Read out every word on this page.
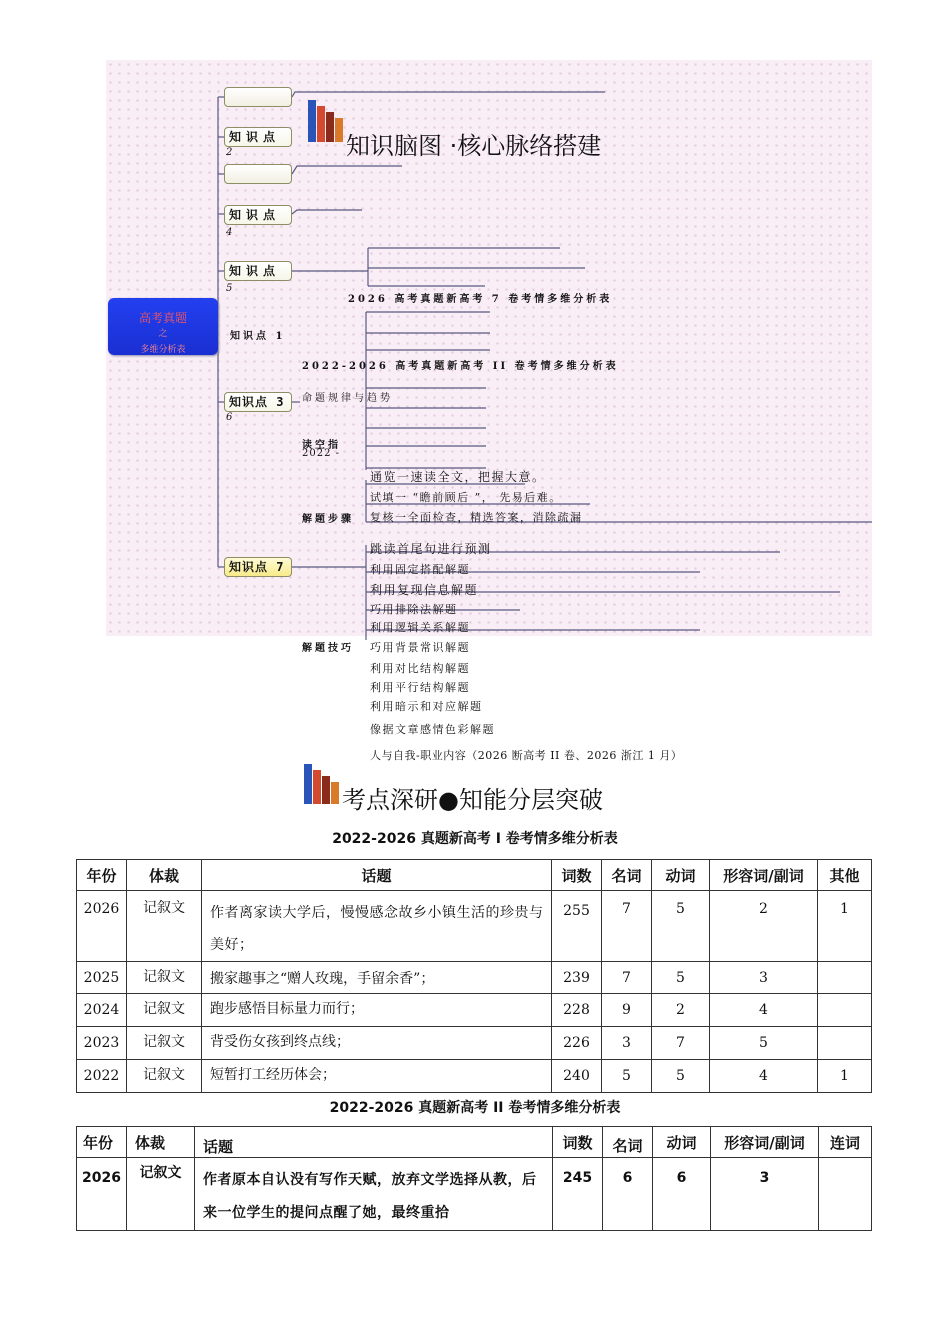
知识脑图 ·核心脉络搭建
高考真题
之
多维分析表
知识点
2
知识点
4
知识点
5
知识点 1
知识点 3
6
知识点 7
2026 高考真题新高考 7 卷考情多维分析表
2022-2026 高考真题新高考 II 卷考情多维分析表
命题规律与趋势
读空指
2022 -
解题步骤
解题技巧
通览一速读全文，把握大意。
试填一 “瞻前顾后 ”， 先易后难。
复核一全面检查，精选答案，消除疏漏
跳读首尾句进行预测
利用固定搭配解题
利用复现信息解题
巧用排除法解题
利用逻辑关系解题
巧用背景常识解题
利用对比结构解题
利用平行结构解题
利用暗示和对应解题
像据文章感情色彩解题
人与自我-职业内容（2026 断高考 II 卷、2026 浙江 1 月）
考点深研●知能分层突破
2022-2026 真题新高考 I 卷考情多维分析表
年份	体裁	话题	词数	名词	动词	形容词/副词	其他
2026	记叙文	作者离家读大学后，慢慢感念故乡小镇生活的珍贵与美好；	255	7	5	2	1
2025	记叙文	搬家趣事之“赠人玫瑰，手留余香”；	239	7	5	3	
2024	记叙文	跑步感悟目标量力而行；	228	9	2	4	
2023	记叙文	背受伤女孩到终点线；	226	3	7	5	
2022	记叙文	短暂打工经历体会；	240	5	5	4	1
2022-2026 真题新高考 II 卷考情多维分析表
年份	体裁	话题	词数	名词	动词	形容词/副词	连词
2026	记叙文	作者原本自认没有写作天赋，放弃文学选择从教，后来一位学生的提问点醒了她，最终重拾	245	6	6	3	
